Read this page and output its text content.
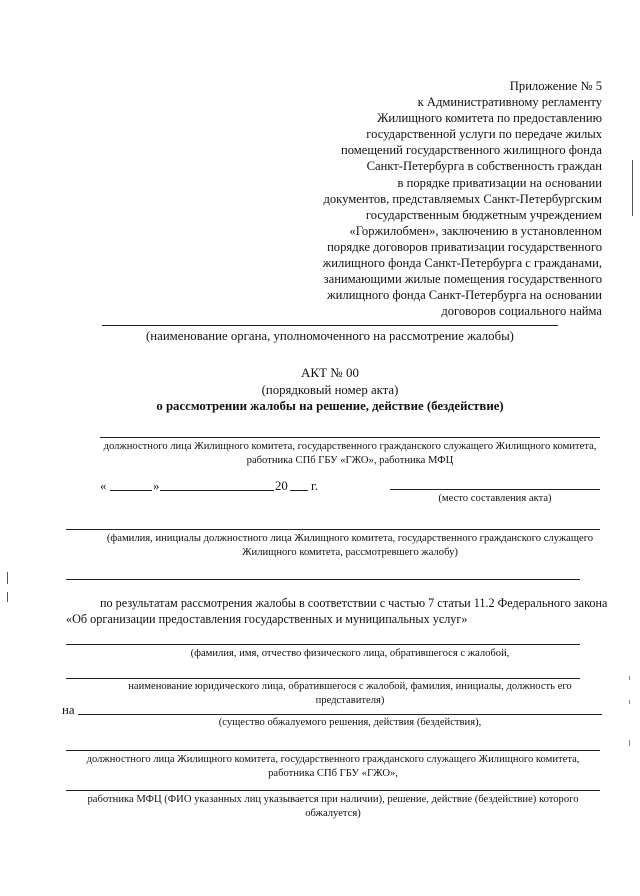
Приложение № 5
к Административному регламенту
Жилищного комитета по предоставлению
государственной услуги по передаче жилых
помещений государственного жилищного фонда
Санкт-Петербурга в собственность граждан
в порядке приватизации на основании
документов, представляемых Санкт-Петербургским
государственным бюджетным учреждением
«Горжилобмен», заключению в установленном
порядке договоров приватизации государственного
жилищного фонда Санкт-Петербурга с гражданами,
занимающими жилые помещения государственного
жилищного фонда Санкт-Петербурга на основании
договоров социального найма
(наименование органа, уполномоченного на рассмотрение жалобы)
АКТ № 00
(порядковый номер акта)
о рассмотрении жалобы на решение, действие (бездействие)
должностного лица Жилищного комитета, государственного гражданского служащего Жилищного комитета,
работника СПб ГБУ «ГЖО», работника МФЦ
«	»	20 г.
(место составления акта)
(фамилия, инициалы должностного лица Жилищного комитета, государственного гражданского служащего
Жилищного комитета, рассмотревшего жалобу)
по результатам рассмотрения жалобы в соответствии с частью 7 статьи 11.2 Федерального закона
«Об организации предоставления государственных и муниципальных услуг»
(фамилия, имя, отчество физического лица, обратившегося с жалобой,
наименование юридического лица, обратившегося с жалобой, фамилия, инициалы, должность его
представителя)
на
(существо обжалуемого решения, действия (бездействия),
должностного лица Жилищного комитета, государственного гражданского служащего Жилищного комитета,
работника СПб ГБУ «ГЖО»,
работника МФЦ (ФИО указанных лиц указывается при наличии), решение, действие (бездействие) которого
обжалуется)
